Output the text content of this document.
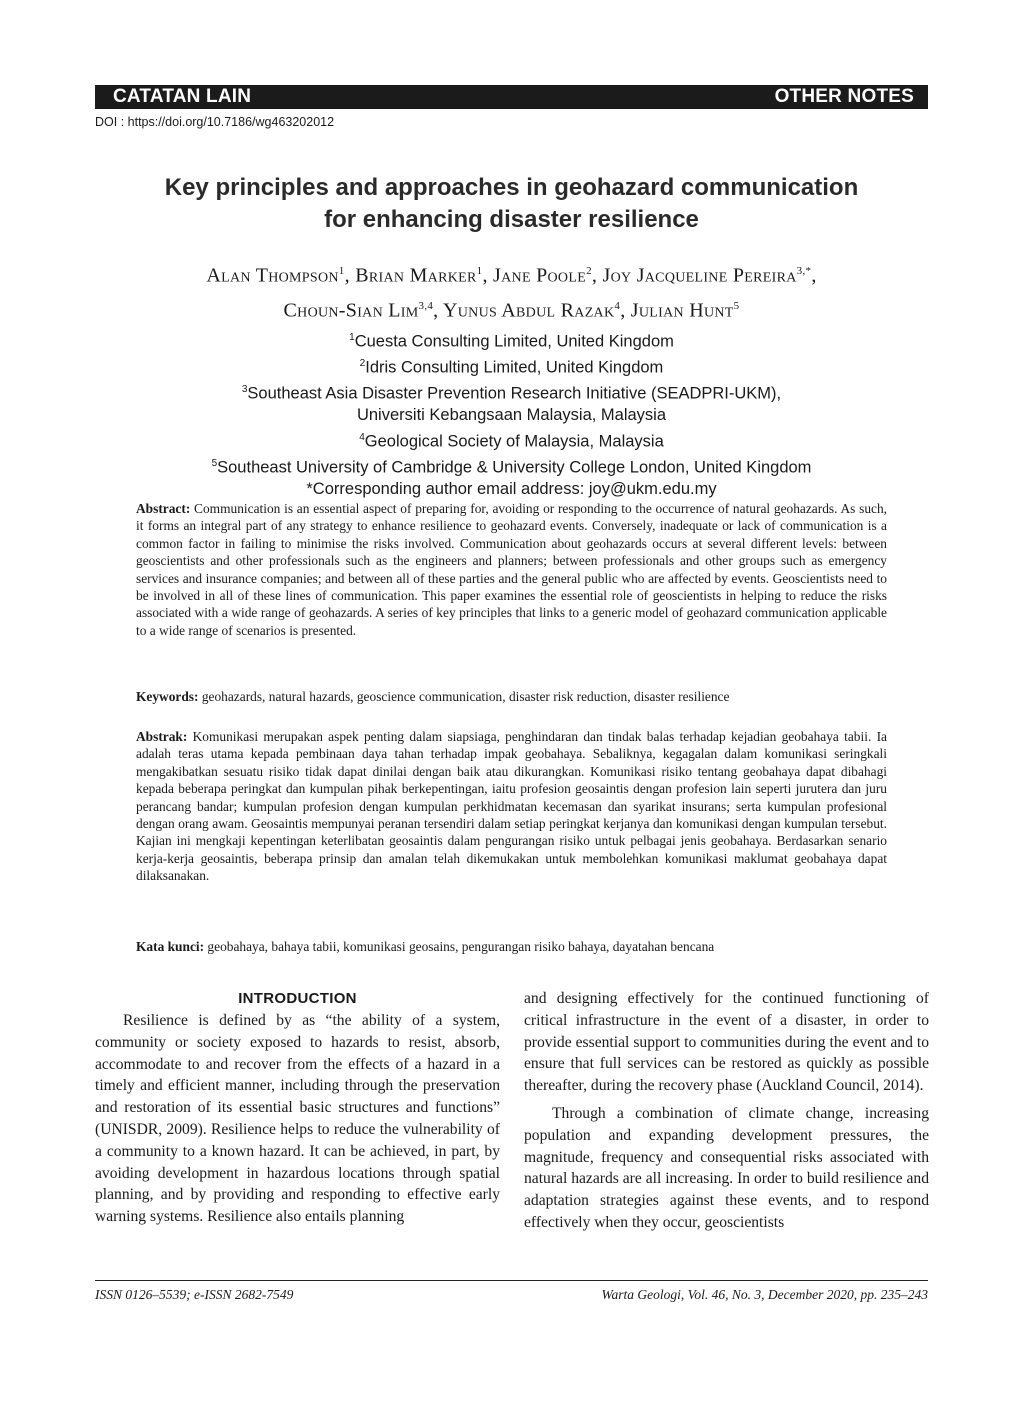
CATATAN LAIN	OTHER NOTES
DOI : https://doi.org/10.7186/wg463202012
Key principles and approaches in geohazard communication
for enhancing disaster resilience
Alan Thompson$^1$, Brian Marker$^1$, Jane Poole$^2$, Joy Jacqueline Pereira$^{3,*}$,
Choun-Sian Lim$^{3,4}$, Yunus Abdul Razak$^4$, Julian Hunt$^5$
$^1$Cuesta Consulting Limited, United Kingdom
$^2$Idris Consulting Limited, United Kingdom
$^3$Southeast Asia Disaster Prevention Research Initiative (SEADPRI-UKM),
Universiti Kebangsaan Malaysia, Malaysia
$^4$Geological Society of Malaysia, Malaysia
$^5$Southeast University of Cambridge & University College London, United Kingdom
*Corresponding author email address: joy@ukm.edu.my
Abstract: Communication is an essential aspect of preparing for, avoiding or responding to the occurrence of natural geohazards. As such, it forms an integral part of any strategy to enhance resilience to geohazard events. Conversely, inadequate or lack of communication is a common factor in failing to minimise the risks involved. Communication about geohazards occurs at several different levels: between geoscientists and other professionals such as the engineers and planners; between professionals and other groups such as emergency services and insurance companies; and between all of these parties and the general public who are affected by events. Geoscientists need to be involved in all of these lines of communication. This paper examines the essential role of geoscientists in helping to reduce the risks associated with a wide range of geohazards. A series of key principles that links to a generic model of geohazard communication applicable to a wide range of scenarios is presented.
Keywords: geohazards, natural hazards, geoscience communication, disaster risk reduction, disaster resilience
Abstrak: Komunikasi merupakan aspek penting dalam siapsiaga, penghindaran dan tindak balas terhadap kejadian geobahaya tabii. Ia adalah teras utama kepada pembinaan daya tahan terhadap impak geobahaya. Sebaliknya, kegagalan dalam komunikasi seringkali mengakibatkan sesuatu risiko tidak dapat dinilai dengan baik atau dikurangkan. Komunikasi risiko tentang geobahaya dapat dibahagi kepada beberapa peringkat dan kumpulan pihak berkepentingan, iaitu profesion geosaintis dengan profesion lain seperti jurutera dan juru perancang bandar; kumpulan profesion dengan kumpulan perkhidmatan kecemasan dan syarikat insurans; serta kumpulan profesional dengan orang awam. Geosaintis mempunyai peranan tersendiri dalam setiap peringkat kerjanya dan komunikasi dengan kumpulan tersebut. Kajian ini mengkaji kepentingan keterlibatan geosaintis dalam pengurangan risiko untuk pelbagai jenis geobahaya. Berdasarkan senario kerja-kerja geosaintis, beberapa prinsip dan amalan telah dikemukakan untuk membolehkan komunikasi maklumat geobahaya dapat dilaksanakan.
Kata kunci: geobahaya, bahaya tabii, komunikasi geosains, pengurangan risiko bahaya, dayatahan bencana
INTRODUCTION

Resilience is defined by as “the ability of a system, community or society exposed to hazards to resist, absorb, accommodate to and recover from the effects of a hazard in a timely and efficient manner, including through the preservation and restoration of its essential basic structures and functions” (UNISDR, 2009). Resilience helps to reduce the vulnerability of a community to a known hazard. It can be achieved, in part, by avoiding development in hazardous locations through spatial planning, and by providing and responding to effective early warning systems. Resilience also entails planning

and designing effectively for the continued functioning of critical infrastructure in the event of a disaster, in order to provide essential support to communities during the event and to ensure that full services can be restored as quickly as possible thereafter, during the recovery phase (Auckland Council, 2014).

Through a combination of climate change, increasing population and expanding development pressures, the magnitude, frequency and consequential risks associated with natural hazards are all increasing. In order to build resilience and adaptation strategies against these events, and to respond effectively when they occur, geoscientists

ISSN 0126–5539; e-ISSN 2682-7549	Warta Geologi, Vol. 46, No. 3, December 2020, pp. 235–243
